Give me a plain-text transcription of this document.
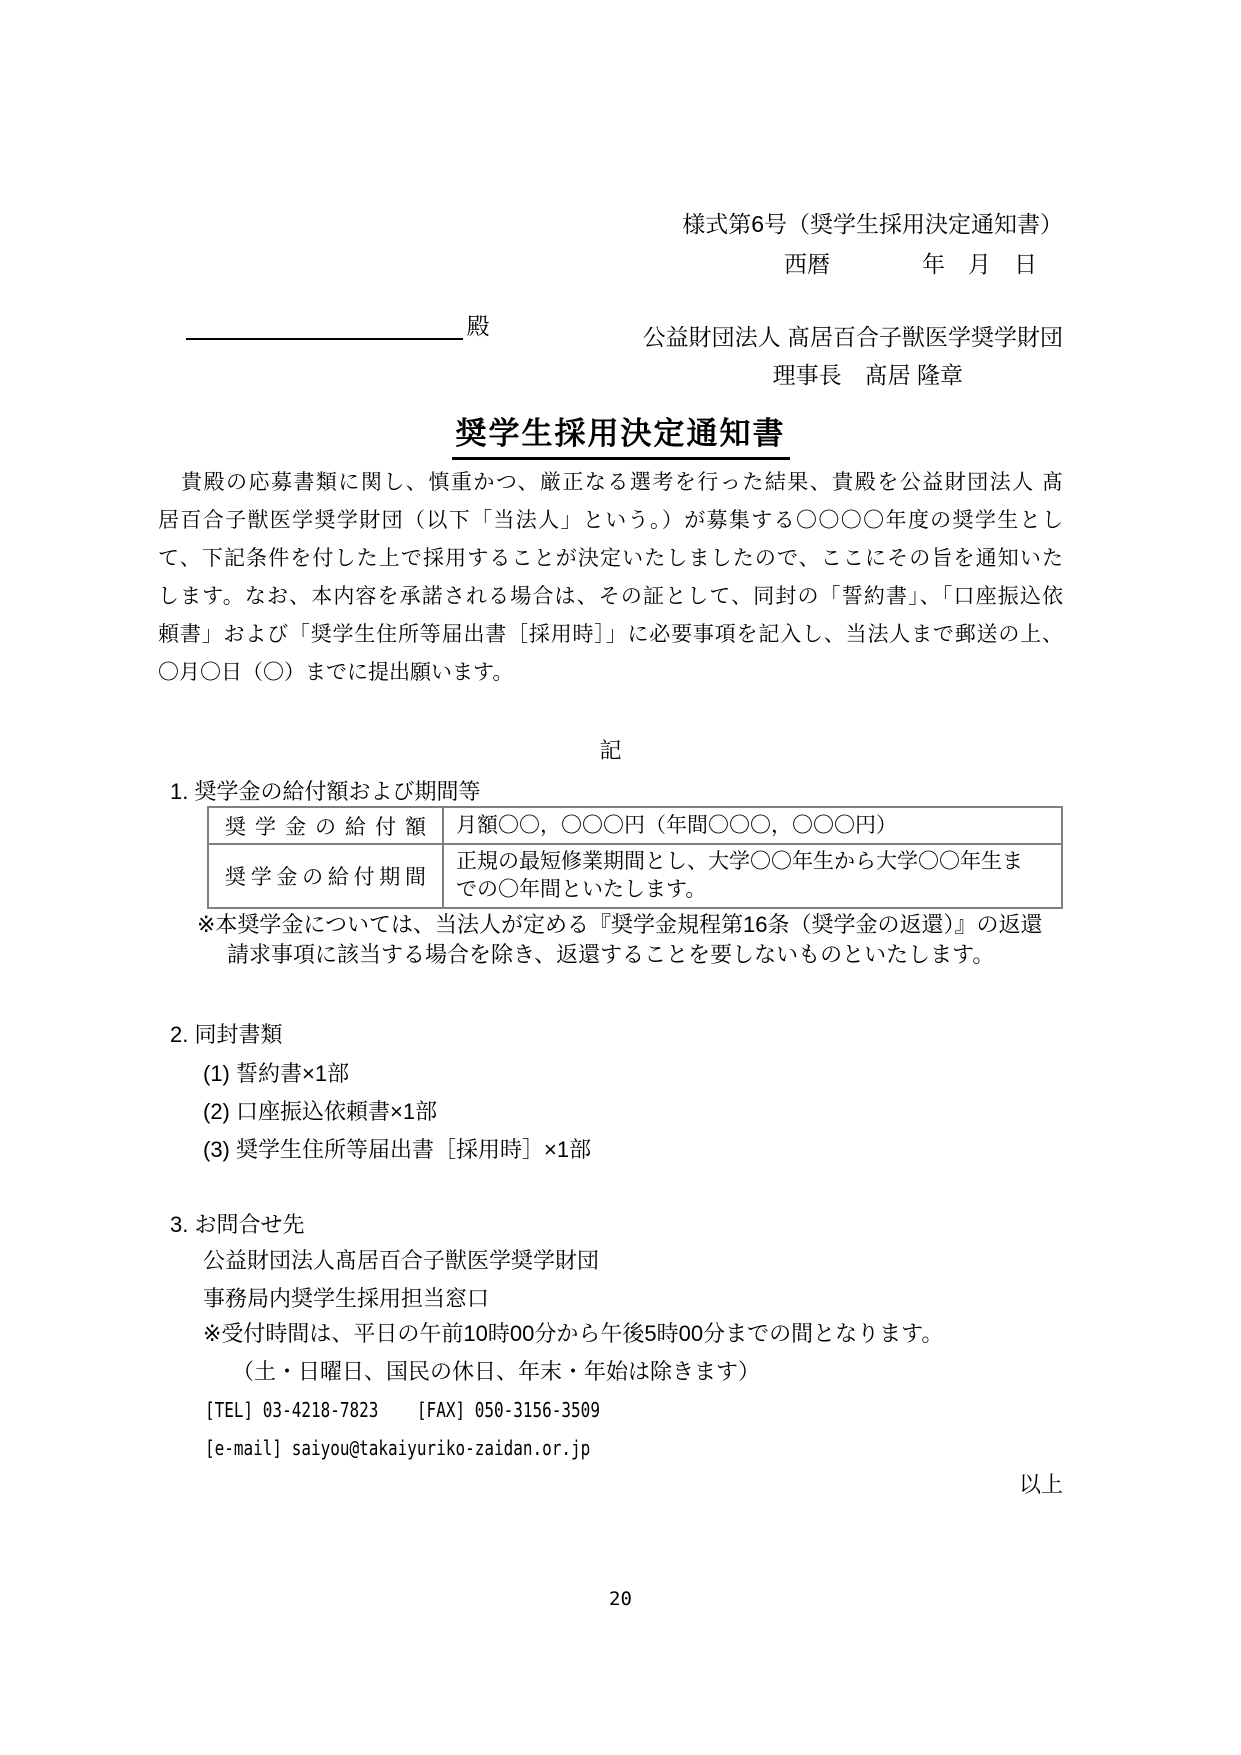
様式第6号（奨学生採用決定通知書）
西暦　　　　年　月　日

殿
	公益財団法人 髙居百合子獣医学奨学財団
理事長　髙居 隆章
奨学生採用決定通知書
貴殿の応募書類に関し、慎重かつ、厳正なる選考を行った結果、貴殿を公益財団法人 髙
居百合子獣医学奨学財団（以下「当法人」という。）が募集する〇〇〇〇年度の奨学生とし
て、下記条件を付した上で採用することが決定いたしましたので、ここにその旨を通知いた
します。なお、本内容を承諾される場合は、その証として、同封の「誓約書」、「口座振込依
頼書」および「奨学生住所等届出書［採用時］」に必要事項を記入し、当法人まで郵送の上、
〇月〇日（〇）までに提出願います。
記
1. 奨学金の給付額および期間等
奨学金の給付額	月額〇〇，〇〇〇円（年間〇〇〇，〇〇〇円）

奨学金の給付期間	正規の最短修業期間とし、大学〇〇年生から大学〇〇年生ま
での〇年間といたします。
※本奨学金については、当法人が定める『奨学金規程第16条（奨学金の返還）』の返還
請求事項に該当する場合を除き、返還することを要しないものといたします。
2. 同封書類
(1) 誓約書×1部
(2) 口座振込依頼書×1部
(3) 奨学生住所等届出書［採用時］×1部
3. お問合せ先
公益財団法人髙居百合子獣医学奨学財団
事務局内奨学生採用担当窓口
※受付時間は、平日の午前10時00分から午後5時00分までの間となります。
（土・日曜日、国民の休日、年末・年始は除きます）
[TEL] 03-4218-7823    [FAX] 050-3156-3509
[e-mail] saiyou@takaiyuriko-zaidan.or.jp
以上
20
